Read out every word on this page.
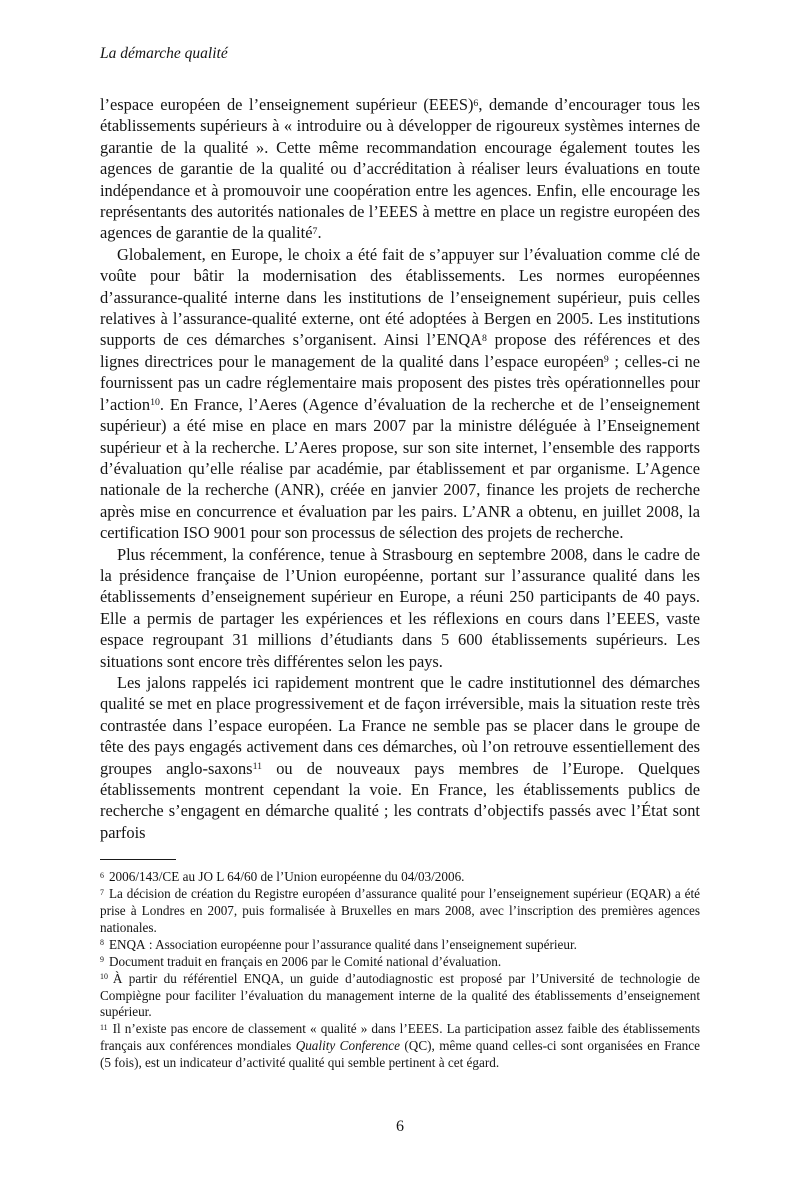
La démarche qualité

l’espace européen de l’enseignement supérieur (EEES)$^6$, demande d’encourager tous les établissements supérieurs à « introduire ou à développer de rigoureux systèmes internes de garantie de la qualité ». Cette même recommandation encourage également toutes les agences de garantie de la qualité ou d’accréditation à réaliser leurs évaluations en toute indépendance et à promouvoir une coopération entre les agences. Enfin, elle encourage les représentants des autorités nationales de l’EEES à mettre en place un registre européen des agences de garantie de la qualité$^7$.

Globalement, en Europe, le choix a été fait de s’appuyer sur l’évaluation comme clé de voûte pour bâtir la modernisation des établissements. Les normes européennes d’assurance-qualité interne dans les institutions de l’enseignement supérieur, puis celles relatives à l’assurance-qualité externe, ont été adoptées à Bergen en 2005. Les institutions supports de ces démarches s’organisent. Ainsi l’ENQA$^8$ propose des références et des lignes directrices pour le management de la qualité dans l’espace européen$^9$ ; celles-ci ne fournissent pas un cadre réglementaire mais proposent des pistes très opérationnelles pour l’action$^{10}$. En France, l’Aeres (Agence d’évaluation de la recherche et de l’enseignement supérieur) a été mise en place en mars 2007 par la ministre déléguée à l’Enseignement supérieur et à la recherche. L’Aeres propose, sur son site internet, l’ensemble des rapports d’évaluation qu’elle réalise par académie, par établissement et par organisme. L’Agence nationale de la recherche (ANR), créée en janvier 2007, finance les projets de recherche après mise en concurrence et évaluation par les pairs. L’ANR a obtenu, en juillet 2008, la certification ISO 9001 pour son processus de sélection des projets de recherche.

Plus récemment, la conférence, tenue à Strasbourg en septembre 2008, dans le cadre de la présidence française de l’Union européenne, portant sur l’assurance qualité dans les établissements d’enseignement supérieur en Europe, a réuni 250 participants de 40 pays. Elle a permis de partager les expériences et les réflexions en cours dans l’EEES, vaste espace regroupant 31 millions d’étudiants dans 5 600 établissements supérieurs. Les situations sont encore très différentes selon les pays.

Les jalons rappelés ici rapidement montrent que le cadre institutionnel des démarches qualité se met en place progressivement et de façon irréversible, mais la situation reste très contrastée dans l’espace européen. La France ne semble pas se placer dans le groupe de tête des pays engagés activement dans ces démarches, où l’on retrouve essentiellement des groupes anglo-saxons$^{11}$ ou de nouveaux pays membres de l’Europe. Quelques établissements montrent cependant la voie. En France, les établissements publics de recherche s’engagent en démarche qualité ; les contrats d’objectifs passés avec l’État sont parfois

$^6$ 2006/143/CE au JO L 64/60 de l’Union européenne du 04/03/2006.
$^7$ La décision de création du Registre européen d’assurance qualité pour l’enseignement supérieur (EQAR) a été prise à Londres en 2007, puis formalisée à Bruxelles en mars 2008, avec l’inscription des premières agences nationales.
$^8$ ENQA : Association européenne pour l’assurance qualité dans l’enseignement supérieur.
$^9$ Document traduit en français en 2006 par le Comité national d’évaluation.
$^{10}$ À partir du référentiel ENQA, un guide d’autodiagnostic est proposé par l’Université de technologie de Compiègne pour faciliter l’évaluation du management interne de la qualité des établissements d’enseignement supérieur.
$^{11}$ Il n’existe pas encore de classement « qualité » dans l’EEES. La participation assez faible des établissements français aux conférences mondiales Quality Conference (QC), même quand celles-ci sont organisées en France (5 fois), est un indicateur d’activité qualité qui semble pertinent à cet égard.
6
